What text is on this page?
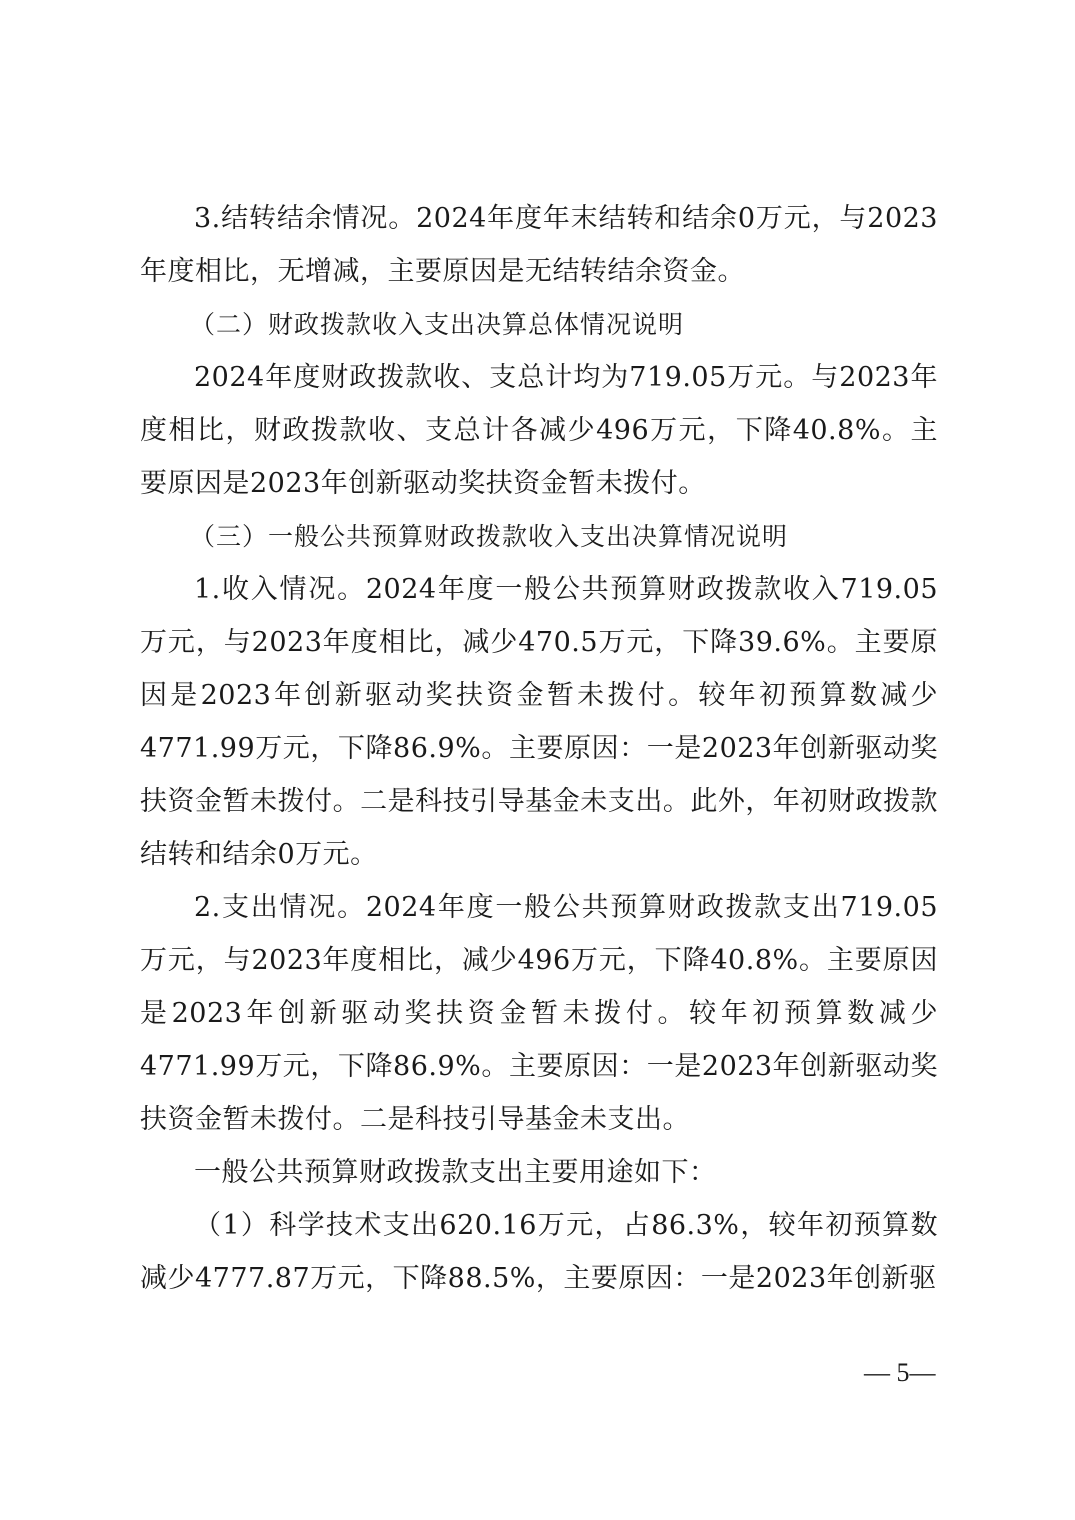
3.结转结余情况。2024年度年末结转和结余0万元，与2023年度相比，无增减，主要原因是无结转结余资金。

（二）财政拨款收入支出决算总体情况说明

2024年度财政拨款收、支总计均为719.05万元。与2023年度相比，财政拨款收、支总计各减少496万元，下降40.8%。主要原因是2023年创新驱动奖扶资金暂未拨付。

（三）一般公共预算财政拨款收入支出决算情况说明

1.收入情况。2024年度一般公共预算财政拨款收入719.05万元，与2023年度相比，减少470.5万元，下降39.6%。主要原因是2023年创新驱动奖扶资金暂未拨付。较年初预算数减少4771.99万元，下降86.9%。主要原因：一是2023年创新驱动奖扶资金暂未拨付。二是科技引导基金未支出。此外，年初财政拨款结转和结余0万元。

2.支出情况。2024年度一般公共预算财政拨款支出719.05万元，与2023年度相比，减少496万元，下降40.8%。主要原因是2023年创新驱动奖扶资金暂未拨付。较年初预算数减少4771.99万元，下降86.9%。主要原因：一是2023年创新驱动奖扶资金暂未拨付。二是科技引导基金未支出。

一般公共预算财政拨款支出主要用途如下：

（1）科学技术支出620.16万元，占86.3%，较年初预算数减少4777.87万元，下降88.5%，主要原因：一是2023年创新驱

— 5—
